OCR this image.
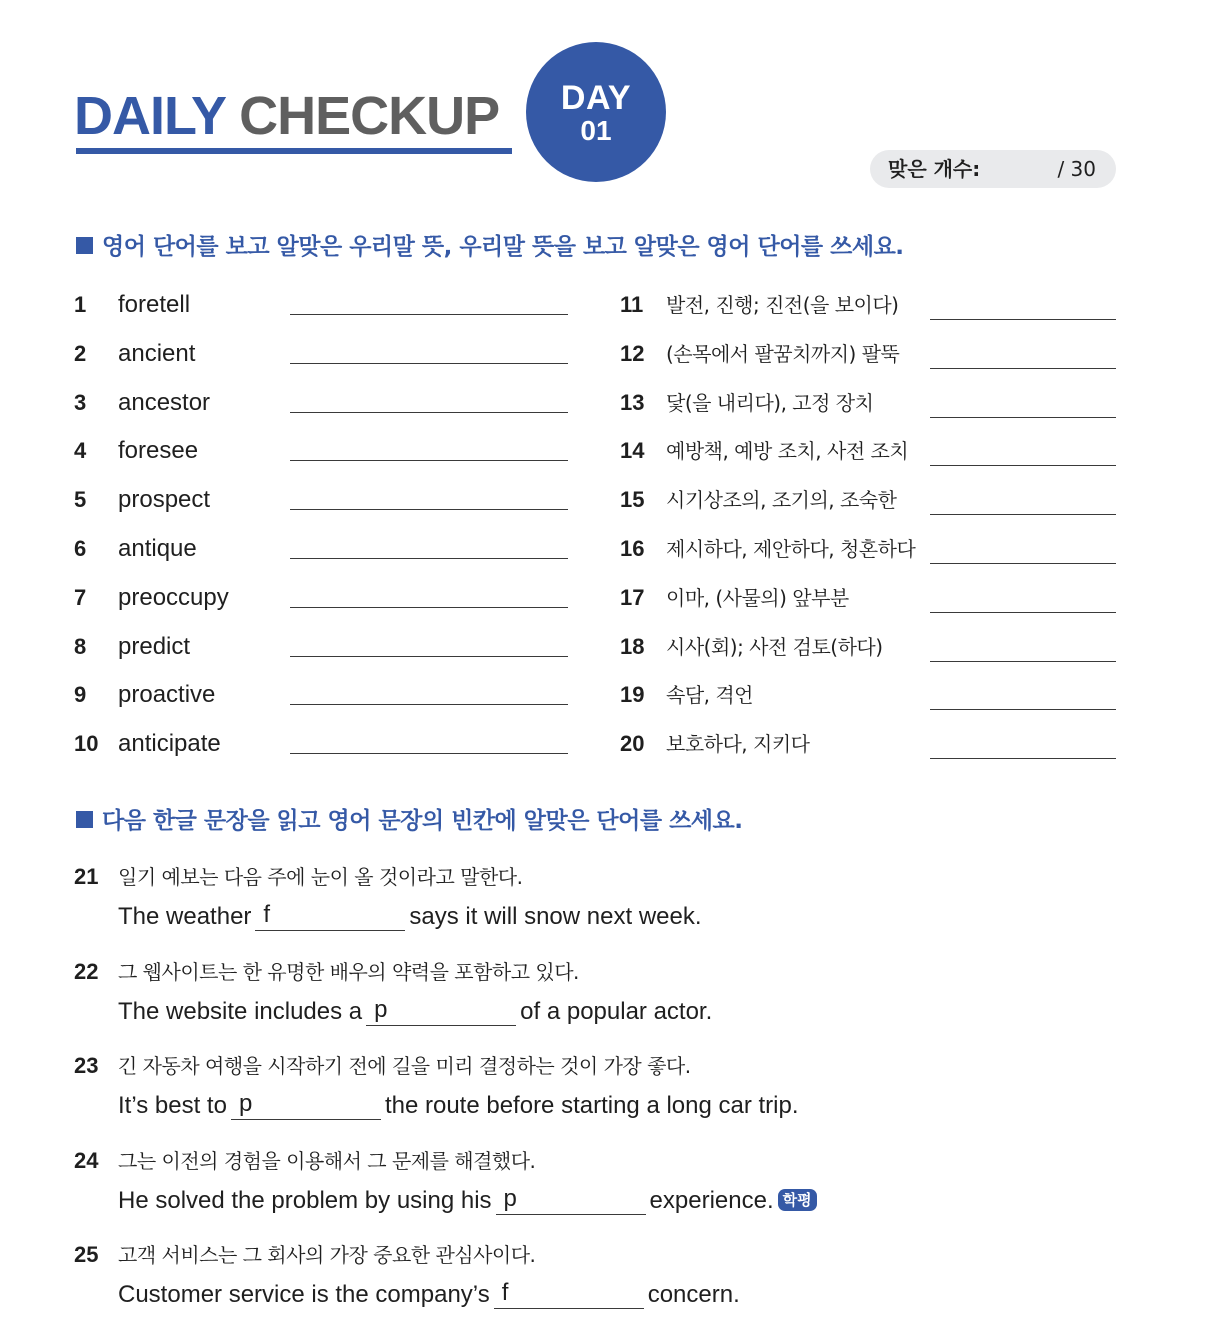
DAILY CHECKUP	DAY
01
맞은 개수:	/ 30
영어 단어를 보고 알맞은 우리말 뜻, 우리말 뜻을 보고 알맞은 영어 단어를 쓰세요.
1 foretell
2 ancient
3 ancestor
4 foresee
5 prospect
6 antique
7 preoccupy
8 predict
9 proactive
10 anticipate
11 발전, 진행; 진전(을 보이다)
12 (손목에서 팔꿈치까지) 팔뚝
13 닻(을 내리다), 고정 장치
14 예방책, 예방 조치, 사전 조치
15 시기상조의, 조기의, 조숙한
16 제시하다, 제안하다, 청혼하다
17 이마, (사물의) 앞부분
18 시사(회); 사전 검토(하다)
19 속담, 격언
20 보호하다, 지키다
다음 한글 문장을 읽고 영어 문장의 빈칸에 알맞은 단어를 쓰세요.
21 일기 예보는 다음 주에 눈이 올 것이라고 말한다.
The weather f	says it will snow next week.
22 그 웹사이트는 한 유명한 배우의 약력을 포함하고 있다.
The website includes a p	of a popular actor.
23 긴 자동차 여행을 시작하기 전에 길을 미리 결정하는 것이 가장 좋다.
It’s best to p	the route before starting a long car trip.
24 그는 이전의 경험을 이용해서 그 문제를 해결했다.
He solved the problem by using his p	experience. 학평
25 고객 서비스는 그 회사의 가장 중요한 관심사이다.
Customer service is the company’s f	concern.
